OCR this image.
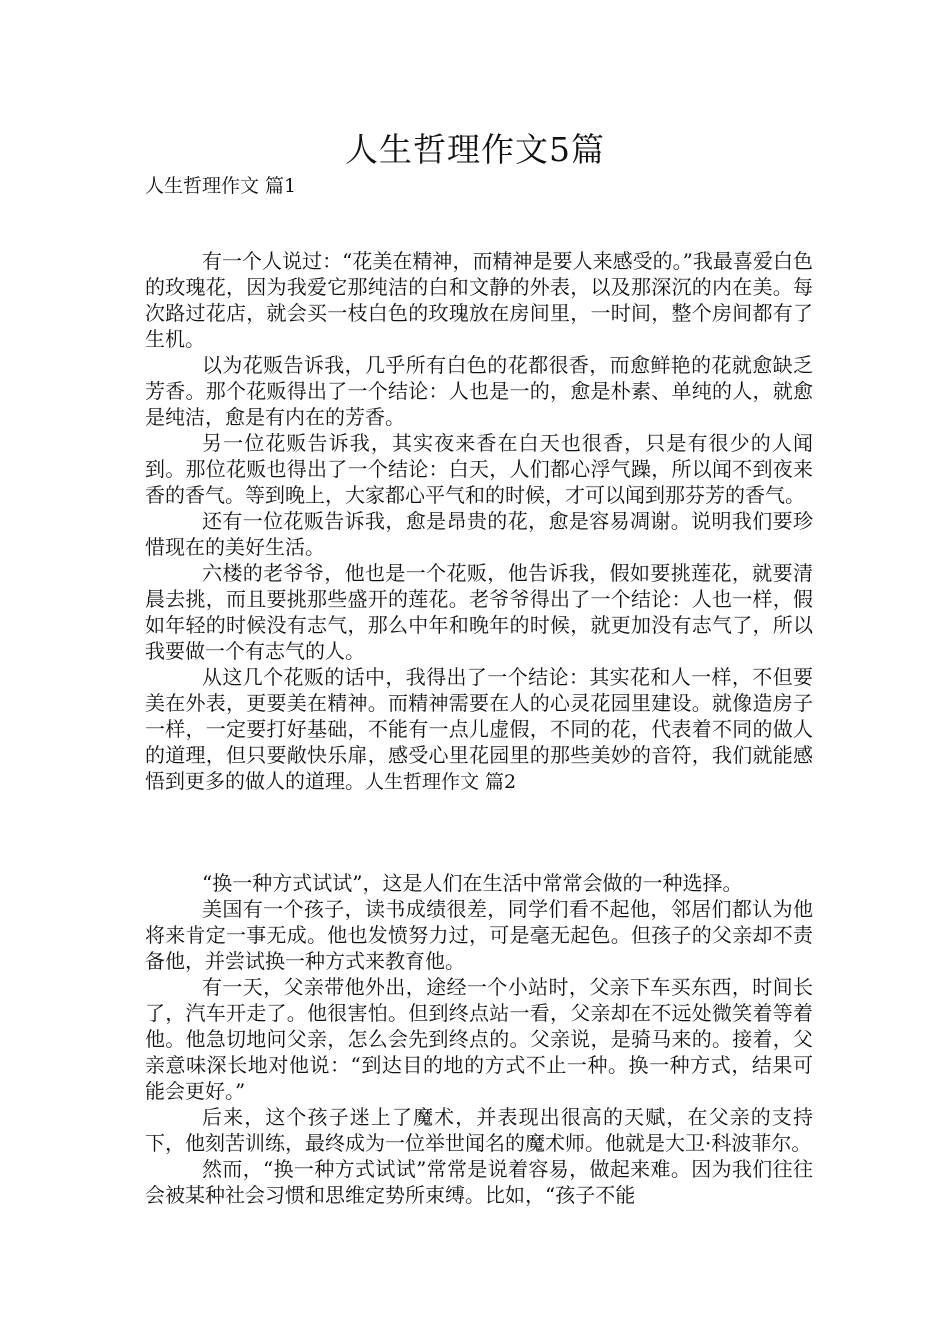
人生哲理作文5篇
人生哲理作文 篇1

有一个人说过：“花美在精神，而精神是要人来感受的。”我最喜爱白色的玫瑰花，因为我爱它那纯洁的白和文静的外表，以及那深沉的内在美。每次路过花店，就会买一枝白色的玫瑰放在房间里，一时间，整个房间都有了生机。

以为花贩告诉我，几乎所有白色的花都很香，而愈鲜艳的花就愈缺乏芳香。那个花贩得出了一个结论：人也是一的，愈是朴素、单纯的人，就愈是纯洁，愈是有内在的芳香。

另一位花贩告诉我，其实夜来香在白天也很香，只是有很少的人闻到。那位花贩也得出了一个结论：白天，人们都心浮气躁，所以闻不到夜来香的香气。等到晚上，大家都心平气和的时候，才可以闻到那芬芳的香气。

还有一位花贩告诉我，愈是昂贵的花，愈是容易凋谢。说明我们要珍惜现在的美好生活。

六楼的老爷爷，他也是一个花贩，他告诉我，假如要挑莲花，就要清晨去挑，而且要挑那些盛开的莲花。老爷爷得出了一个结论：人也一样，假如年轻的时候没有志气，那么中年和晚年的时候，就更加没有志气了，所以我要做一个有志气的人。

从这几个花贩的话中，我得出了一个结论：其实花和人一样，不但要美在外表，更要美在精神。而精神需要在人的心灵花园里建设。就像造房子一样，一定要打好基础，不能有一点儿虚假，不同的花，代表着不同的做人的道理，但只要敞快乐扉，感受心里花园里的那些美妙的音符，我们就能感悟到更多的做人的道理。人生哲理作文 篇2

“换一种方式试试”，这是人们在生活中常常会做的一种选择。

美国有一个孩子，读书成绩很差，同学们看不起他，邻居们都认为他将来肯定一事无成。他也发愤努力过，可是毫无起色。但孩子的父亲却不责备他，并尝试换一种方式来教育他。

有一天，父亲带他外出，途经一个小站时，父亲下车买东西，时间长了，汽车开走了。他很害怕。但到终点站一看，父亲却在不远处微笑着等着他。他急切地问父亲，怎么会先到终点的。父亲说，是骑马来的。接着，父亲意味深长地对他说：“到达目的地的方式不止一种。换一种方式，结果可能会更好。”

后来，这个孩子迷上了魔术，并表现出很高的天赋，在父亲的支持下，他刻苦训练，最终成为一位举世闻名的魔术师。他就是大卫·科波菲尔。

然而，“换一种方式试试”常常是说着容易，做起来难。因为我们往往会被某种社会习惯和思维定势所束缚。比如，“孩子不能
